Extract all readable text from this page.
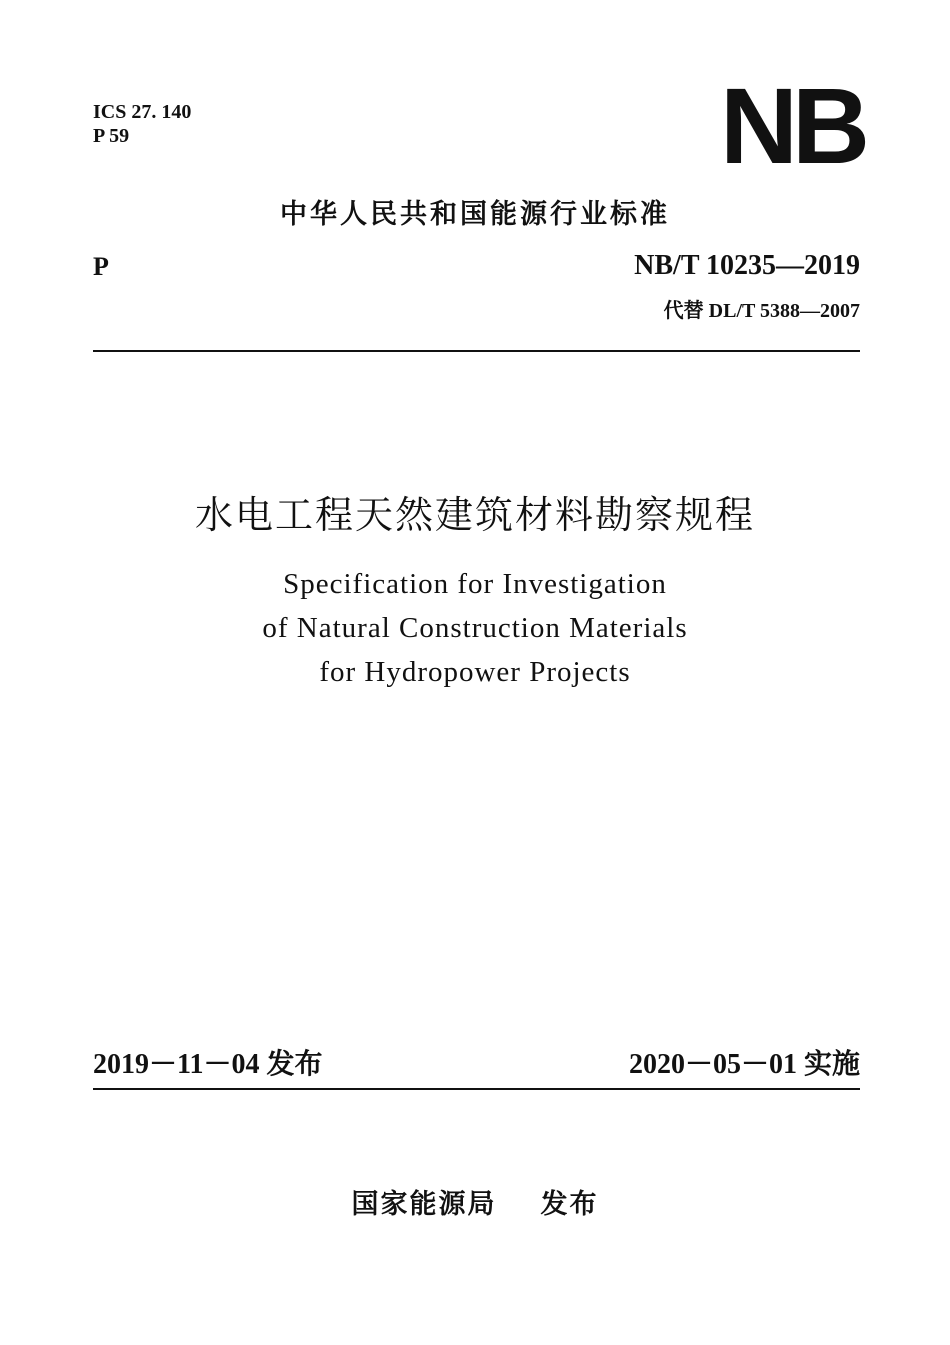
ICS 27. 140
P 59	NB
中华人民共和国能源行业标准
P	NB/T 10235—2019
代替 DL/T 5388—2007
水电工程天然建筑材料勘察规程
Specification for Investigation
of Natural Construction Materials
for Hydropower Projects
2019－11－04 发布	2020－05－01 实施
国家能源局 发布
